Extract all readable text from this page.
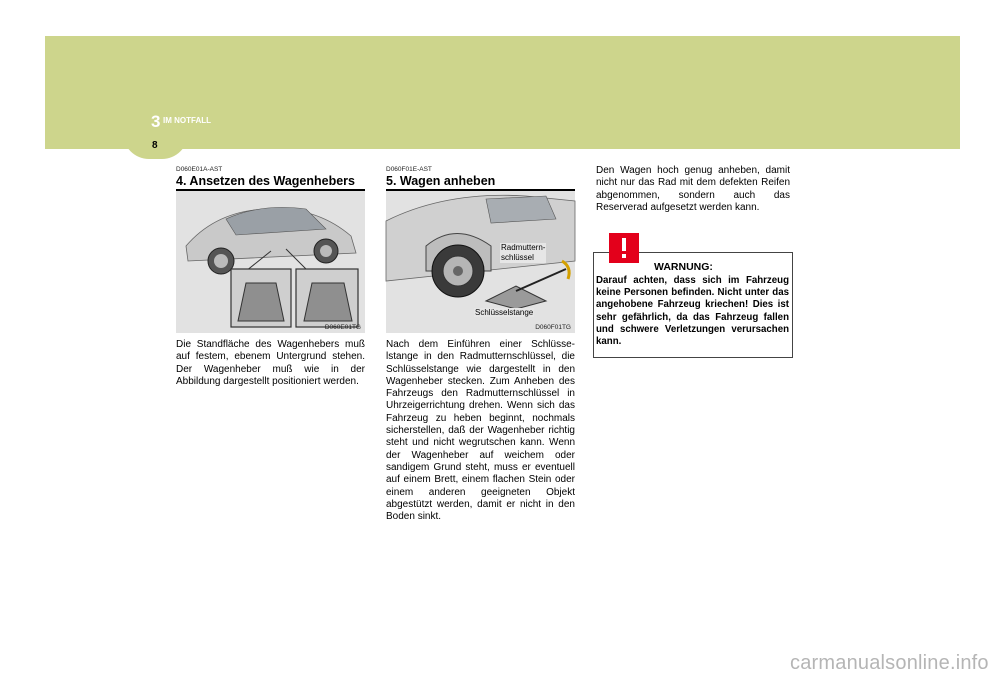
3 IM NOTFALL
8
D060E01A-AST
4. Ansetzen des Wagenhebers
D060E01TG
Die Standfläche des Wagenhebers muß auf festem, ebenem Untergrund stehen. Der Wagenheber muß wie in der Abbildung dargestellt positioniert werden.
D060F01E-AST
5. Wagen anheben
Radmuttern-
schlüssel
Schlüsselstange
D060F01TG
Nach dem Einführen einer Schlüsse-lstange in den Radmutternschlüssel, die Schlüsselstange wie dargestellt in den Wagenheber stecken. Zum Anheben des Fahrzeugs den Radmutternschlüssel in Uhrzeigerrichtung drehen. Wenn sich das Fahrzeug zu heben beginnt, nochmals sicherstellen, daß der Wagenheber richtig steht und nicht wegrutschen kann. Wenn der Wagenheber auf weichem oder sandigem Grund steht, muss er eventuell auf einem Brett, einem flachen Stein oder einem anderen geeigneten Objekt abgestützt werden, damit er nicht in den Boden sinkt.
Den Wagen hoch genug anheben, damit nicht nur das Rad mit dem defekten Reifen abgenommen, sondern auch das Reserverad aufgesetzt werden kann.
WARNUNG:
Darauf achten, dass sich im Fahrzeug keine Personen befinden. Nicht unter das angehobene Fahrzeug kriechen! Dies ist sehr gefährlich, da das Fahrzeug fallen und schwere Verletzungen verursachen kann.
carmanualsonline.info
